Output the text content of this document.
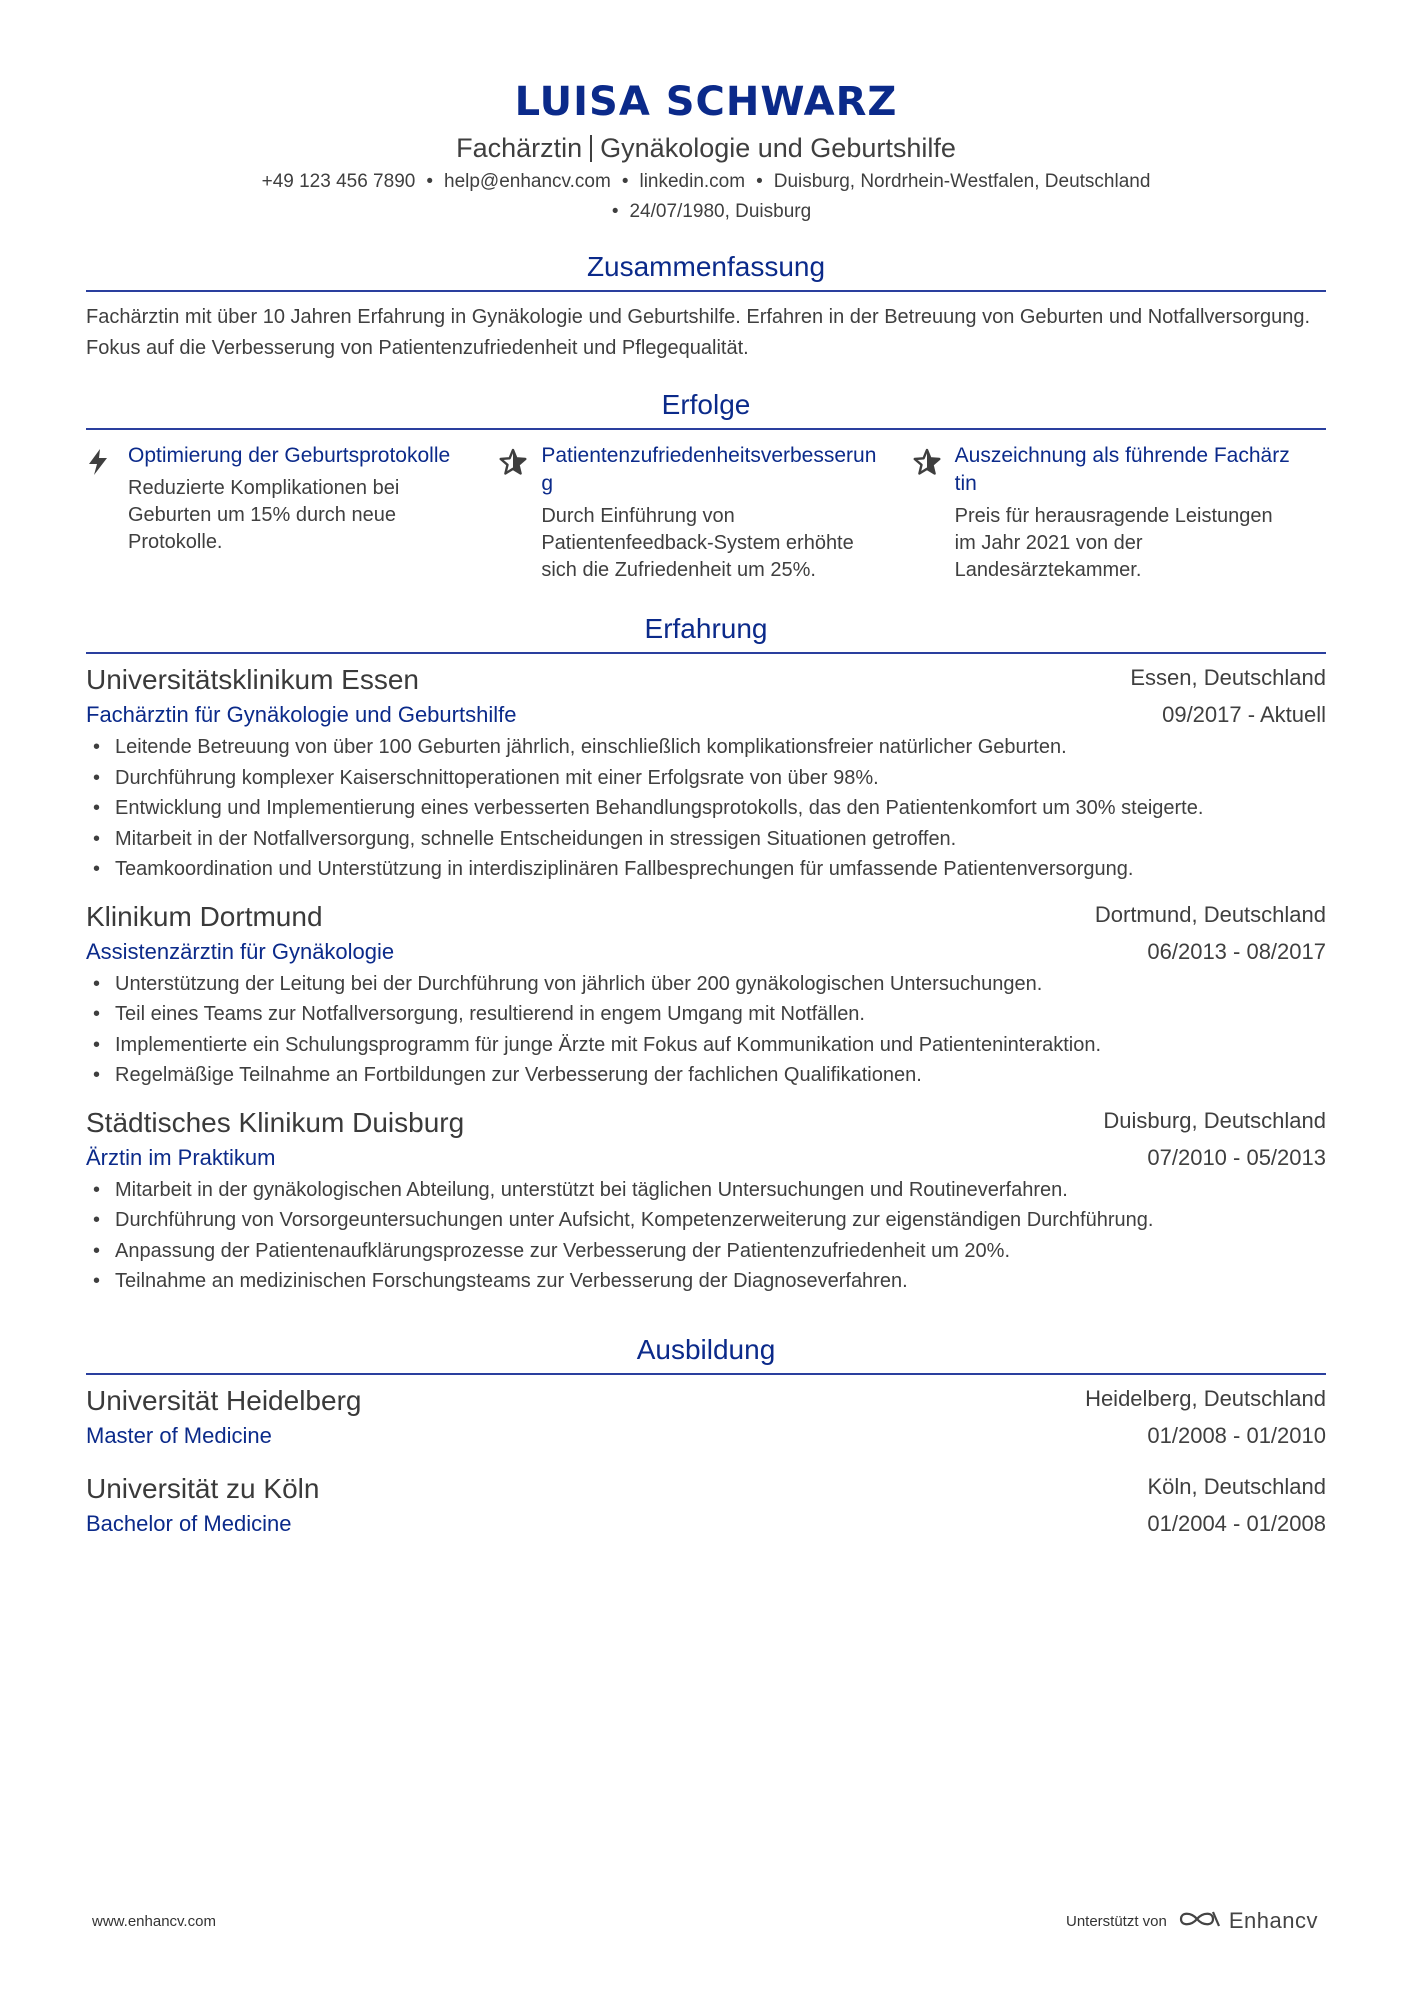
LUISA SCHWARZ
Fachärztin Gynäkologie und Geburtshilfe
+49 123 456 7890 • help@enhancv.com • linkedin.com • Duisburg, Nordrhein-Westfalen, Deutschland
• 24/07/1980, Duisburg
Zusammenfassung
Fachärztin mit über 10 Jahren Erfahrung in Gynäkologie und Geburtshilfe. Erfahren in der Betreuung von Geburten und Notfallversorgung. Fokus auf die Verbesserung von Patientenzufriedenheit und Pflegequalität.
Erfolge
Optimierung der Geburtsprotokolle
Reduzierte Komplikationen bei Geburten um 15% durch neue Protokolle.
Patientenzufriedenheitsverbesserung
Durch Einführung von Patientenfeedback-System erhöhte sich die Zufriedenheit um 25%.
Auszeichnung als führende Fachärztin
Preis für herausragende Leistungen im Jahr 2021 von der Landesärztekammer.
Erfahrung
Universitätsklinikum Essen	Essen, Deutschland
Fachärztin für Gynäkologie und Geburtshilfe	09/2017 - Aktuell
• Leitende Betreuung von über 100 Geburten jährlich, einschließlich komplikationsfreier natürlicher Geburten.
• Durchführung komplexer Kaiserschnittoperationen mit einer Erfolgsrate von über 98%.
• Entwicklung und Implementierung eines verbesserten Behandlungsprotokolls, das den Patientenkomfort um 30% steigerte.
• Mitarbeit in der Notfallversorgung, schnelle Entscheidungen in stressigen Situationen getroffen.
• Teamkoordination und Unterstützung in interdisziplinären Fallbesprechungen für umfassende Patientenversorgung.
Klinikum Dortmund	Dortmund, Deutschland
Assistenzärztin für Gynäkologie	06/2013 - 08/2017
• Unterstützung der Leitung bei der Durchführung von jährlich über 200 gynäkologischen Untersuchungen.
• Teil eines Teams zur Notfallversorgung, resultierend in engem Umgang mit Notfällen.
• Implementierte ein Schulungsprogramm für junge Ärzte mit Fokus auf Kommunikation und Patienteninteraktion.
• Regelmäßige Teilnahme an Fortbildungen zur Verbesserung der fachlichen Qualifikationen.
Städtisches Klinikum Duisburg	Duisburg, Deutschland
Ärztin im Praktikum	07/2010 - 05/2013
• Mitarbeit in der gynäkologischen Abteilung, unterstützt bei täglichen Untersuchungen und Routineverfahren.
• Durchführung von Vorsorgeuntersuchungen unter Aufsicht, Kompetenzerweiterung zur eigenständigen Durchführung.
• Anpassung der Patientenaufklärungsprozesse zur Verbesserung der Patientenzufriedenheit um 20%.
• Teilnahme an medizinischen Forschungsteams zur Verbesserung der Diagnoseverfahren.
Ausbildung
Universität Heidelberg	Heidelberg, Deutschland
Master of Medicine	01/2008 - 01/2010
Universität zu Köln	Köln, Deutschland
Bachelor of Medicine	01/2004 - 01/2008
www.enhancv.com	Unterstützt von	Enhancv
